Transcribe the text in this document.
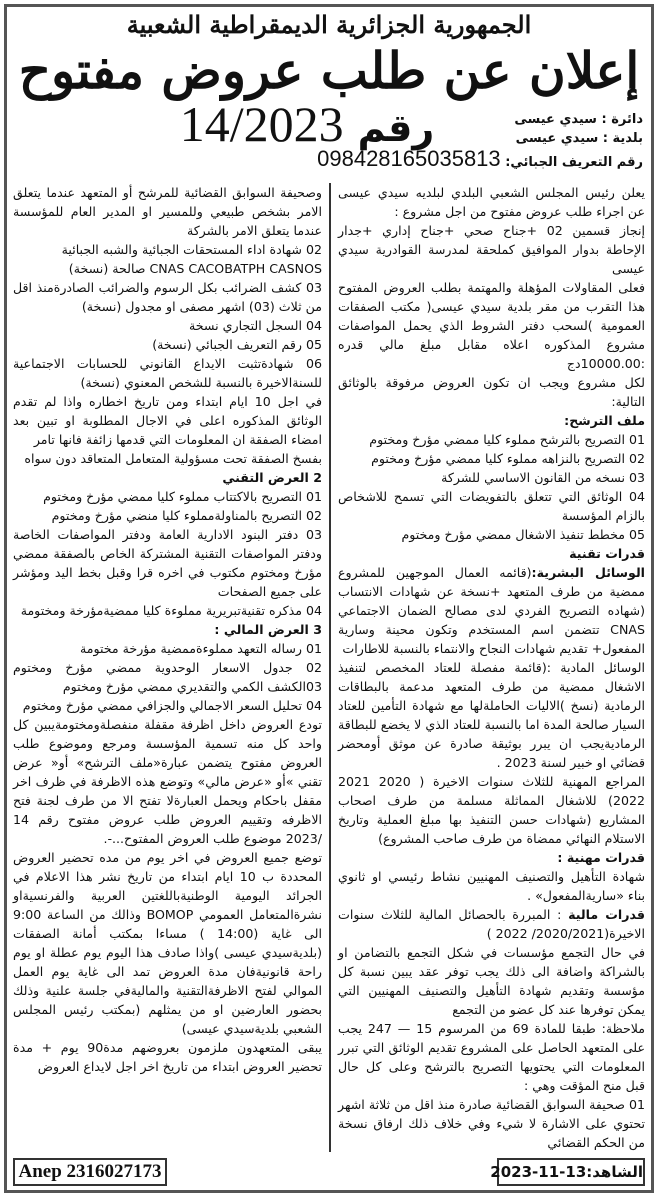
الجمهورية الجزائرية الديمقراطية الشعبية
إعلان عن طلب عروض مفتوح
رقم 14/2023	دائرة : سيدي عيسى
بلدية : سيدي عيسى
رقم التعريف الجبائي: 098428165035813

يعلن رئيس المجلس الشعبي البلدي لبلديه سيدي عيسى عن اجراء طلب عروض مفتوح من اجل مشروع :

إنجاز قسمين 02 +جناح صحي +جناح إداري +جدار الإحاطة بدوار الموافيق كملحقة لمدرسة القوادرية سيدي عيسى

فعلى المقاولات المؤهلة والمهتمة بطلب العروض المفتوح هذا التقرب من مقر بلدية سيدي عيسى( مكتب الصفقات العمومية )لسحب دفتر الشروط الذي يحمل المواصفات مشروع المذكوره اعلاه مقابل مبلغ مالي قدره :10000.00دج

لكل مشروع ويجب ان تكون العروض مرفوقة بالوثائق التالية:

ملف الترشح:

01 التصريح بالترشح مملوء كليا ممضي مؤرخ ومختوم

02 التصريح بالنزاهه مملوء كليا ممضي مؤرخ ومختوم

03 نسخه من القانون الاساسي للشركة

04 الوثائق التي تتعلق بالتفويضات التي تسمح للاشخاص بالزام المؤسسة

05 مخطط تنفيذ الاشغال ممضي مؤرخ ومختوم

قدرات تقنية

الوسائل البشرية:(قائمه العمال الموجهين للمشروع ممضية من طرف المتعهد +نسخة عن شهادات الانتساب (شهاده التصريح الفردي لدى مصالح الضمان الاجتماعي CNAS تتضمن اسم المستخدم وتكون محينة وسارية المفعول+ تقديم شهادات النجاح والانتماء بالنسبة للاطارات

الوسائل المادية :(قائمة مفصلة للعتاد المخصص لتنفيذ الاشغال ممضية من طرف المتعهد مدعمة بالبطاقات الرمادية (نسخ )الاليات الحاملةلها مع شهادة التأمين للعتاد السيار صالحة المدة اما بالنسبة للعتاد الذي لا يخضع للبطاقة الرماديةيجب ان يبرر بوثيقة صادرة عن موثق أومحضر قضائي او خبير لسنة 2023 .

المراجع المهنية للثلاث سنوات الاخيرة ( 2020 2021 2022) للاشغال المماثلة مسلمة من طرف اصحاب المشاريع (شهادات حسن التنفيذ بها مبلغ العملية وتاريخ الاستلام النهائي ممضاة من طرف صاحب المشروع)

قدرات مهنية :

شهادة التأهيل والتصنيف المهنيين نشاط رئيسي او ثانوي بناء «ساريةالمفعول» .

قدرات مالية : المبررة بالحصائل المالية للثلاث سنوات الاخيرة(2020/2021/ 2022 )

في حال التجمع مؤسسات في شكل التجمع بالتضامن او بالشراكة واضافة الى ذلك يجب توفر عقد يبين نسبة كل مؤسسة وتقديم شهادة التأهيل والتصنيف المهنيين التي يمكن توفرها عند كل عضو من التجمع

ملاحظة: طبقا للمادة 69 من المرسوم 15 — 247 يجب على المتعهد الحاصل على المشروع تقديم الوثائق التي تبرر المعلومات التي يحتويها التصريح بالترشح وعلى كل حال قبل منح المؤقت وهي :

01 صحيفة السوابق القضائية صادرة منذ اقل من ثلاثة اشهر تحتوي على الاشارة لا شيء وفي خلاف ذلك ارفاق نسخة من الحكم القضائي

وصحيفة السوابق القضائية للمرشح أو المتعهد عندما يتعلق الامر بشخص طبيعي وللمسير او المدير العام للمؤسسة عندما يتعلق الامر بالشركة

02 شهادة اداء المستحقات الجبائية والشبه الجبائية

CNAS CACOBATPH CASNOS صالحة (نسخة)

03 كشف الضرائب بكل الرسوم والضرائب الصادرةمنذ اقل من ثلاث (03) اشهر مصفى او مجدول (نسخة)

04 السجل التجاري نسخة

05 رقم التعريف الجبائي (نسخة)

06 شهادةتثبت الايداع القانوني للحسابات الاجتماعية للسنةالاخيرة بالنسبة للشخص المعنوي (نسخة)

في اجل 10 ايام ابتداء ومن تاريخ اخطاره واذا لم تقدم الوثائق المذكوره اعلى في الاجال المطلوبة او تبين بعد امضاء الصفقة ان المعلومات التي قدمها زائفة فانها تامر

بفسخ الصفقة تحت مسؤولية المتعامل المتعاقد دون سواه

2 العرض التقني

01 التصريح بالاكتتاب مملوء كليا ممضي مؤرخ ومختوم

02 التصريح بالمناولةمملوء كليا منضي مؤرخ ومختوم

03 دفتر البنود الادارية العامة ودفتر المواصفات الخاصة ودفتر المواصفات التقنية المشتركة الخاص بالصفقة ممضي مؤرخ ومختوم مكتوب في اخره قرا وقبل بخط اليد ومؤشر على جميع الصفحات

04 مذكره تقنيةتبريرية مملوءة كليا ممضيةمؤرخة ومختومة

3 العرض المالي :

01 رساله التعهد مملوءةممضية مؤرخة مختومة

02 جدول الاسعار الوحدوية ممضي مؤرخ ومختوم 03الكشف الكمي والتقديري ممضي مؤرخ ومختوم

04 تحليل السعر الاجمالي والجزافي ممضي مؤرخ ومختوم

تودع العروض داخل اظرفة مقفلة منفصلةومختومةيبين كل واحد كل منه تسمية المؤسسة ومرجع وموضوع طلب العروض مفتوح يتضمن عبارة«ملف الترشح» أو« عرض تقني »أو «عرض مالي» وتوضع هذه الاظرفة في ظرف اخر مقفل باحكام ويحمل العبارةلا تفتح الا من طرف لجنة فتح الاظرفه وتقييم العروض طلب عروض مفتوح رقم 14 /2023 موضوع طلب العروض المفتوح...-.

توضع جميع العروض في اخر يوم من مده تحضير العروض المحددة ب 10 ايام ابتداء من تاريخ نشر هذا الاعلام في الجرائد اليومية الوطنيةباللغتين العربية والفرنسيةاو نشرةالمتعامل العمومي BOMOP وذالك من الساعة 9:00 الى غاية (14:00 ) مساءا بمكتب أمانة الصفقات (بلديةسيدي عيسى )واذا صادف هذا اليوم يوم عطلة او يوم راحة قانونيةفان مدة العروض تمد الى غاية يوم العمل الموالي لفتح الاظرفةالتقنية والماليةفي جلسة علنية وذلك بحضور العارضين او من يمثلهم (بمكتب رئيس المجلس الشعبي بلديةسيدي عيسى)

يبقى المتعهدون ملزمون بعروضهم مدة90 يوم + مدة تحضير العروض ابتداء من تاريخ اخر اجل لايداع العروض

الشاهد:13-11-2023
Anep 2316027173
